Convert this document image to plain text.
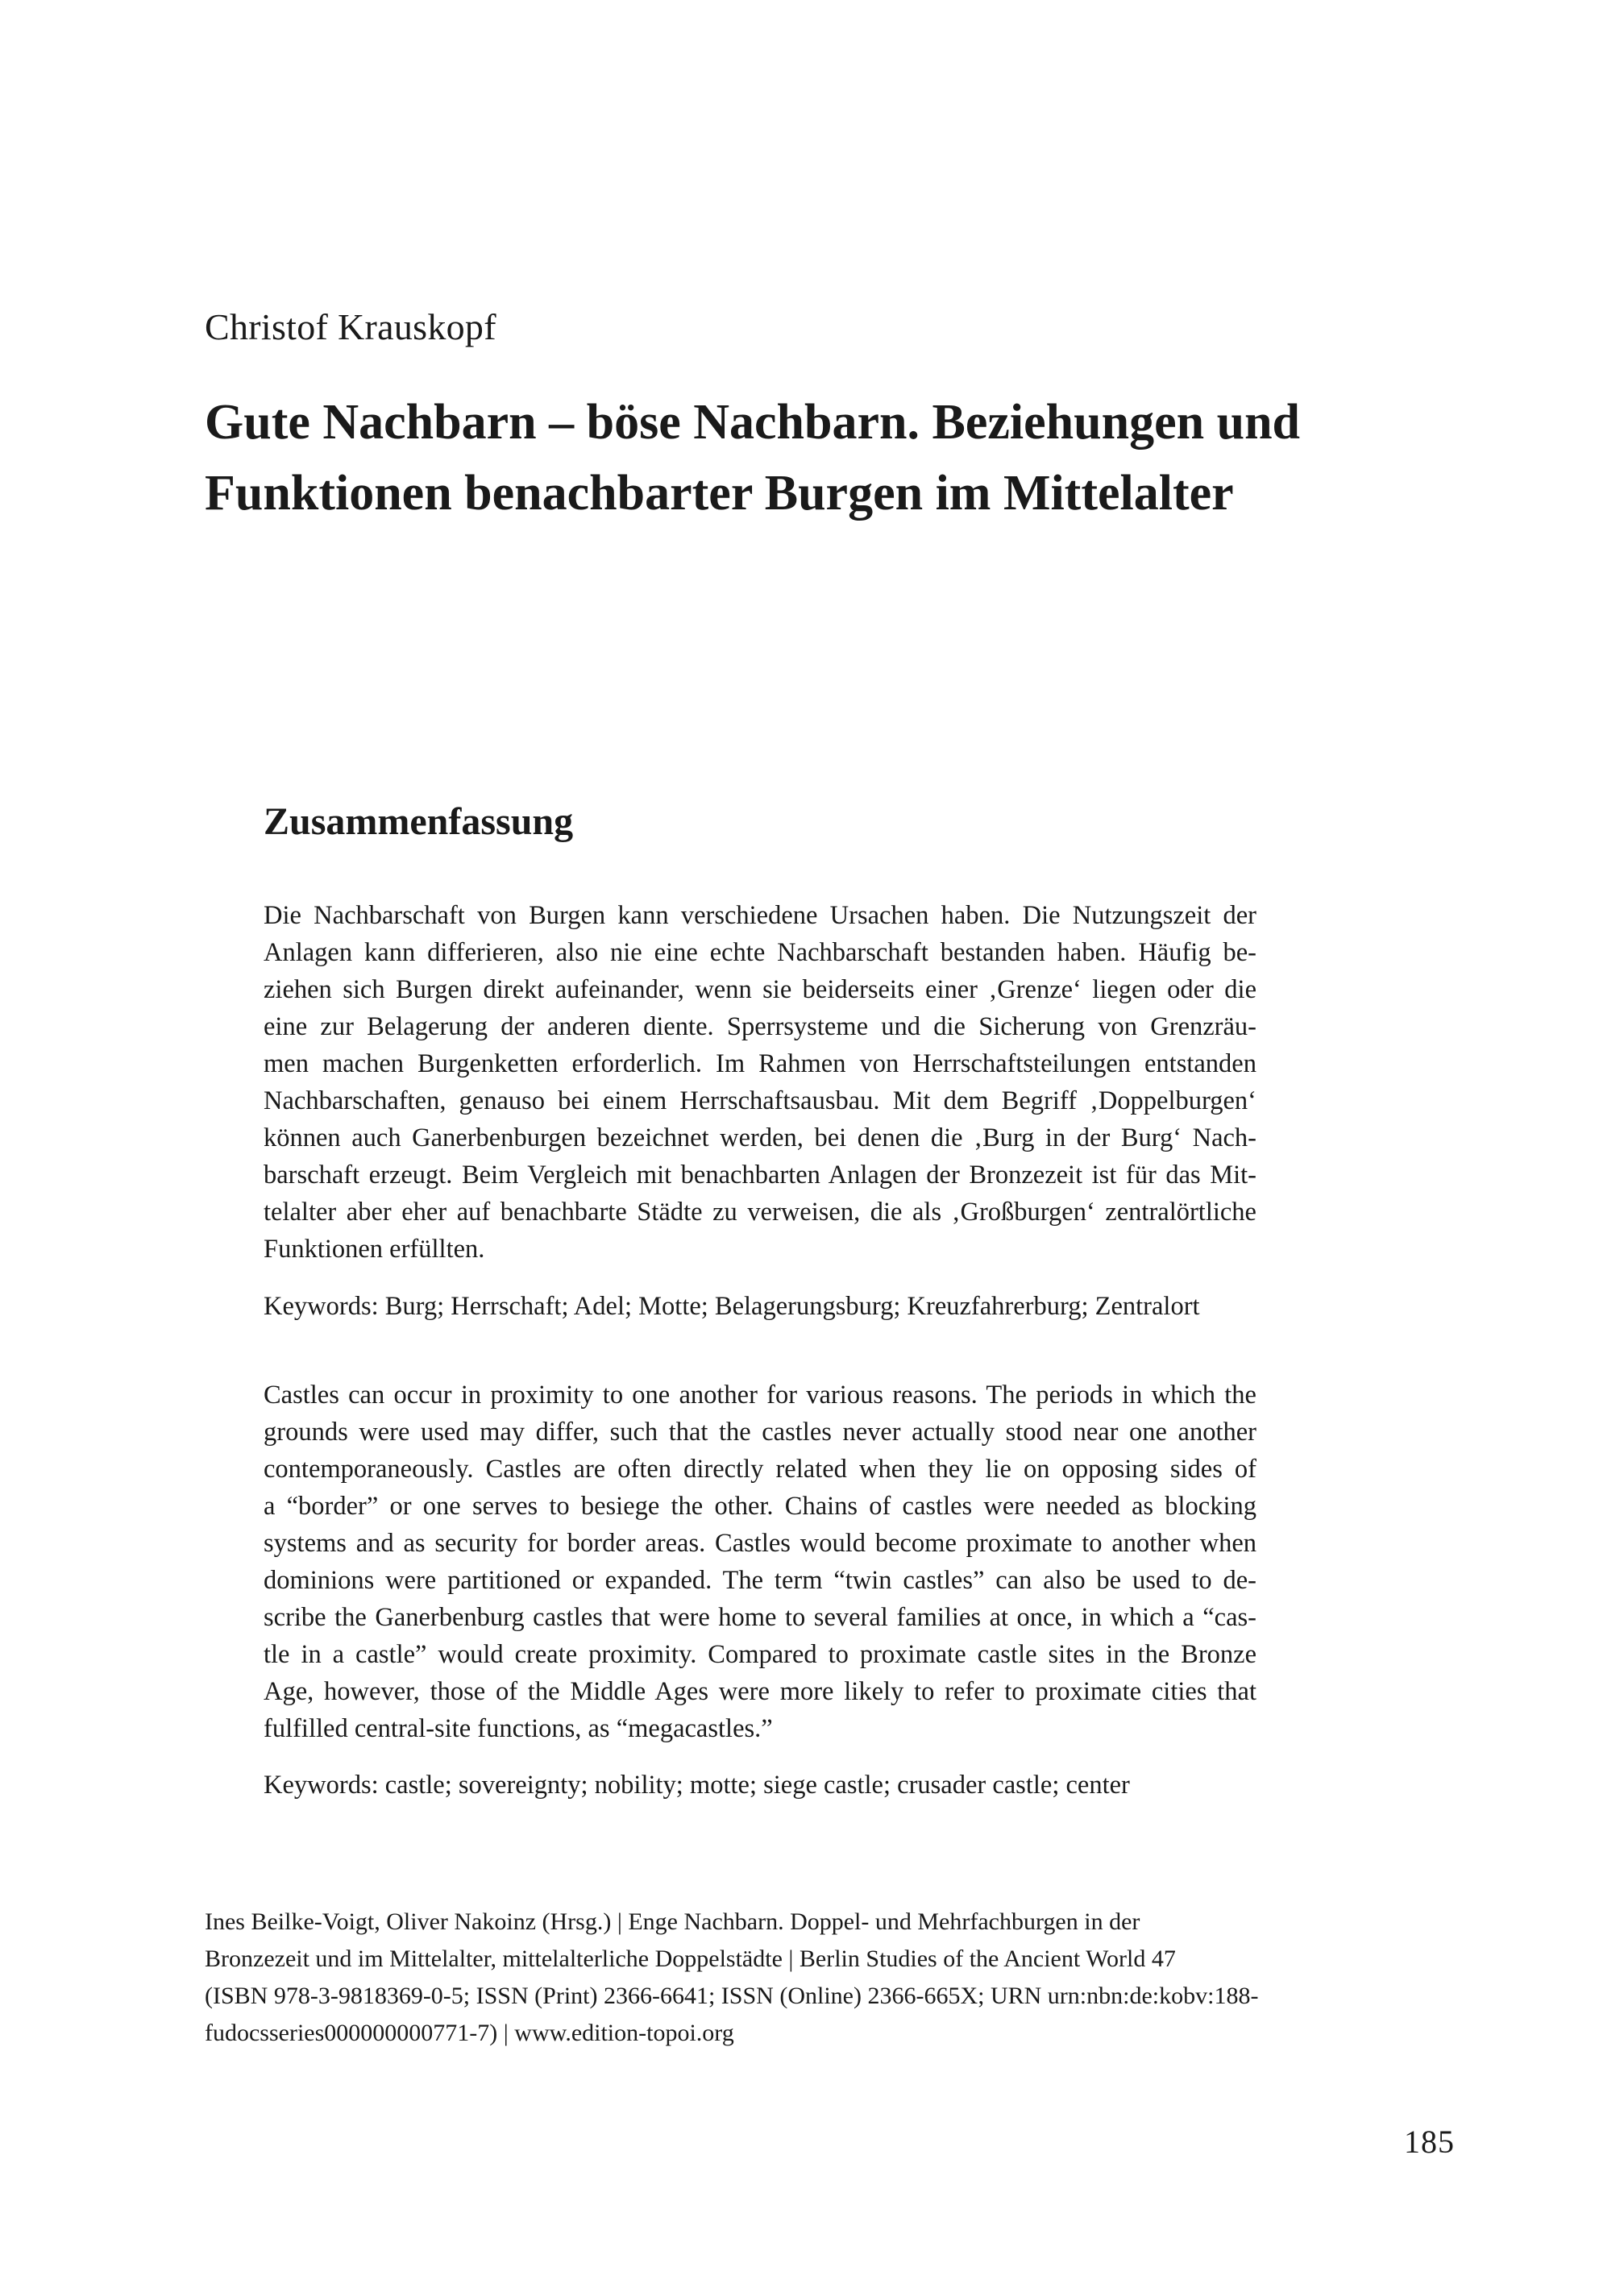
Christof Krauskopf

Gute Nachbarn – böse Nachbarn. Beziehungen und
Funktionen benachbarter Burgen im Mittelalter
Zusammenfassung

Die Nachbarschaft von Burgen kann verschiedene Ursachen haben. Die Nutzungszeit der
Anlagen kann differieren, also nie eine echte Nachbarschaft bestanden haben. Häufig be-
ziehen sich Burgen direkt aufeinander, wenn sie beiderseits einer ‚Grenze‘ liegen oder die
eine zur Belagerung der anderen diente. Sperrsysteme und die Sicherung von Grenzräu-
men machen Burgenketten erforderlich. Im Rahmen von Herrschaftsteilungen entstanden
Nachbarschaften, genauso bei einem Herrschaftsausbau. Mit dem Begriff ‚Doppelburgen‘
können auch Ganerbenburgen bezeichnet werden, bei denen die ‚Burg in der Burg‘ Nach-
barschaft erzeugt. Beim Vergleich mit benachbarten Anlagen der Bronzezeit ist für das Mit-
telalter aber eher auf benachbarte Städte zu verweisen, die als ‚Großburgen‘ zentralörtliche
Funktionen erfüllten.

Keywords: Burg; Herrschaft; Adel; Motte; Belagerungsburg; Kreuzfahrerburg; Zentralort

Castles can occur in proximity to one another for various reasons. The periods in which the
grounds were used may differ, such that the castles never actually stood near one another
contemporaneously. Castles are often directly related when they lie on opposing sides of
a “border” or one serves to besiege the other. Chains of castles were needed as blocking
systems and as security for border areas. Castles would become proximate to another when
dominions were partitioned or expanded. The term “twin castles” can also be used to de-
scribe the Ganerbenburg castles that were home to several families at once, in which a “cas-
tle in a castle” would create proximity. Compared to proximate castle sites in the Bronze
Age, however, those of the Middle Ages were more likely to refer to proximate cities that
fulfilled central-site functions, as “megacastles.”

Keywords: castle; sovereignty; nobility; motte; siege castle; crusader castle; center

Ines Beilke-Voigt, Oliver Nakoinz (Hrsg.) | Enge Nachbarn. Doppel- und Mehrfachburgen in der
Bronzezeit und im Mittelalter, mittelalterliche Doppelstädte | Berlin Studies of the Ancient World 47
(ISBN 978-3-9818369-0-5; ISSN (Print) 2366-6641; ISSN (Online) 2366-665X; URN urn:nbn:de:kobv:188-
fudocsseries000000000771-7) | www.edition-topoi.org

185
